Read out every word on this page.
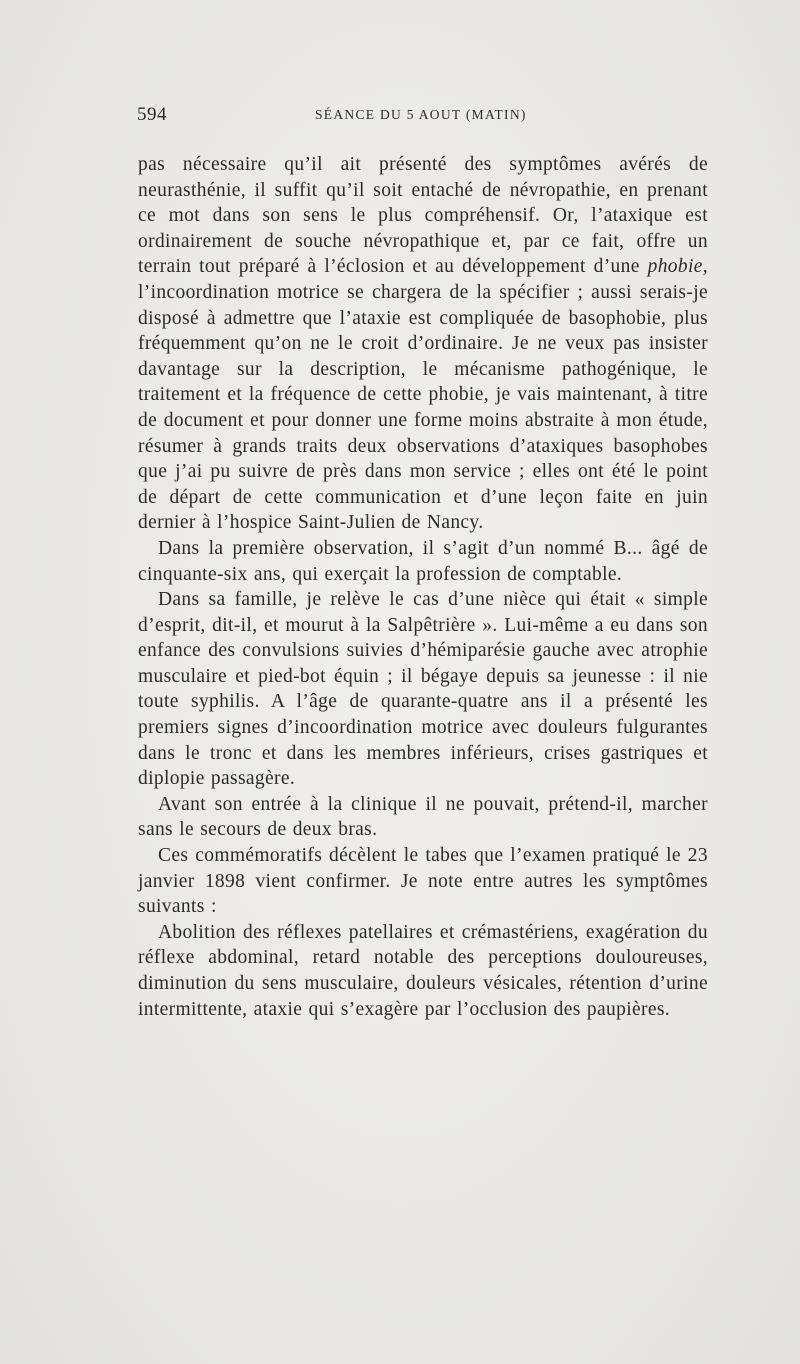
594	SÉANCE DU 5 AOUT (MATIN)

pas nécessaire qu’il ait présenté des symptômes avérés de neurasthénie, il suffit qu’il soit entaché de névropathie, en prenant ce mot dans son sens le plus compréhensif. Or, l’ataxique est ordinairement de souche névropathique et, par ce fait, offre un terrain tout préparé à l’éclosion et au développement d’une phobie, l’incoordination motrice se chargera de la spécifier ; aussi serais-je disposé à admettre que l’ataxie est compliquée de basophobie, plus fréquemment qu’on ne le croit d’ordinaire. Je ne veux pas insister davantage sur la description, le mécanisme pathogénique, le traitement et la fréquence de cette phobie, je vais maintenant, à titre de document et pour donner une forme moins abstraite à mon étude, résumer à grands traits deux observations d’ataxiques basophobes que j’ai pu suivre de près dans mon service ; elles ont été le point de départ de cette communication et d’une leçon faite en juin dernier à l’hospice Saint-Julien de Nancy.

Dans la première observation, il s’agit d’un nommé B... âgé de cinquante-six ans, qui exerçait la profession de comptable.

Dans sa famille, je relève le cas d’une nièce qui était « simple d’esprit, dit-il, et mourut à la Salpêtrière ». Lui-même a eu dans son enfance des convulsions suivies d’hémiparésie gauche avec atrophie musculaire et pied-bot équin ; il bégaye depuis sa jeunesse : il nie toute syphilis. A l’âge de quarante-quatre ans il a présenté les premiers signes d’incoordination motrice avec douleurs fulgurantes dans le tronc et dans les membres inférieurs, crises gastriques et diplopie passagère.

Avant son entrée à la clinique il ne pouvait, prétend-il, marcher sans le secours de deux bras.

Ces commémoratifs décèlent le tabes que l’examen pratiqué le 23 janvier 1898 vient confirmer. Je note entre autres les symptômes suivants :

Abolition des réflexes patellaires et crémastériens, exagération du réflexe abdominal, retard notable des perceptions douloureuses, diminution du sens musculaire, douleurs vésicales, rétention d’urine intermittente, ataxie qui s’exagère par l’occlusion des paupières.
